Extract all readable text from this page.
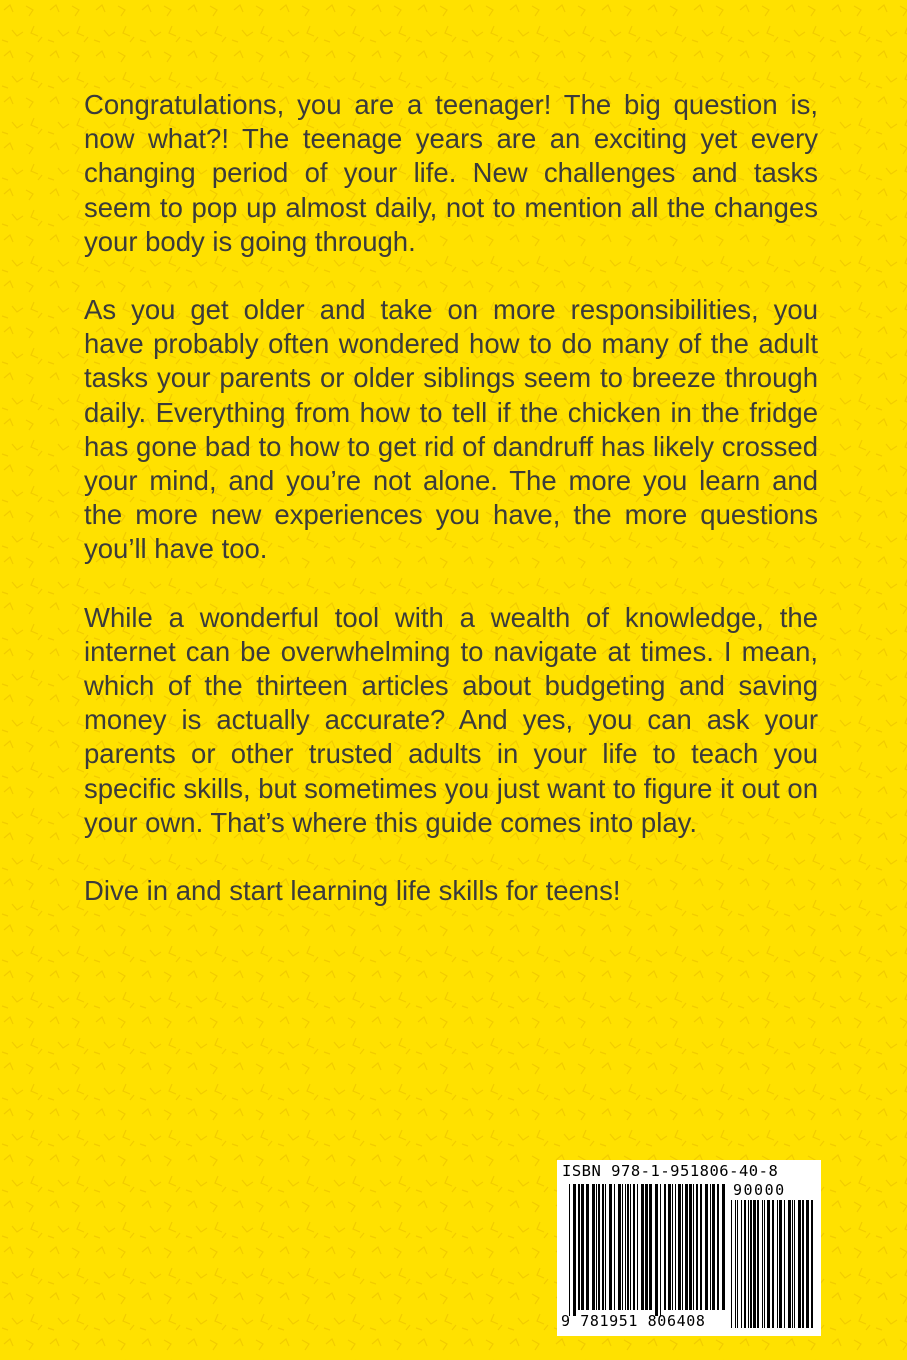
Congratulations, you are a teenager! The big question is, now what?! The teenage years are an exciting yet every changing period of your life. New challenges and tasks seem to pop up almost daily, not to mention all the changes your body is going through.

As you get older and take on more responsibilities, you have probably often wondered how to do many of the adult tasks your parents or older siblings seem to breeze through daily. Everything from how to tell if the chicken in the fridge has gone bad to how to get rid of dandruff has likely crossed your mind, and you’re not alone. The more you learn and the more new experiences you have, the more questions you’ll have too.

While a wonderful tool with a wealth of knowledge, the internet can be overwhelming to navigate at times. I mean, which of the thirteen articles about budgeting and saving money is actually accurate? And yes, you can ask your parents or other trusted adults in your life to teach you specific skills, but sometimes you just want to figure it out on your own. That’s where this guide comes into play.

Dive in and start learning life skills for teens!

ISBN 978-1-951806-40-8
90000
9 781951 806408
